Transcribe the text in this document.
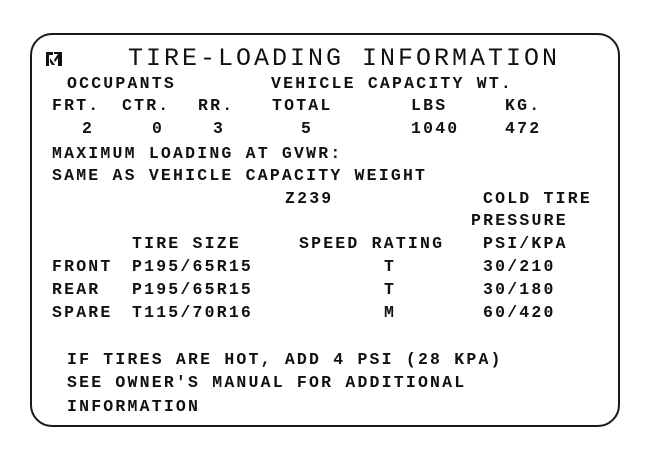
TIRE-LOADING INFORMATION
OCCUPANTS	VEHICLE CAPACITY WT.
FRT. CTR. RR. TOTAL	LBS	KG.
2	0	3	5	1040	472
MAXIMUM LOADING AT GVWR:
SAME AS VEHICLE CAPACITY WEIGHT
Z239	COLD TIRE
PRESSURE
TIRE SIZE	SPEED RATING PSI/KPA
FRONT P195/65R15	T	30/210
REAR P195/65R15	T	30/180
SPARE T115/70R16	M	60/420
IF TIRES ARE HOT, ADD 4 PSI (28 KPA)
SEE OWNER'S MANUAL FOR ADDITIONAL
INFORMATION
